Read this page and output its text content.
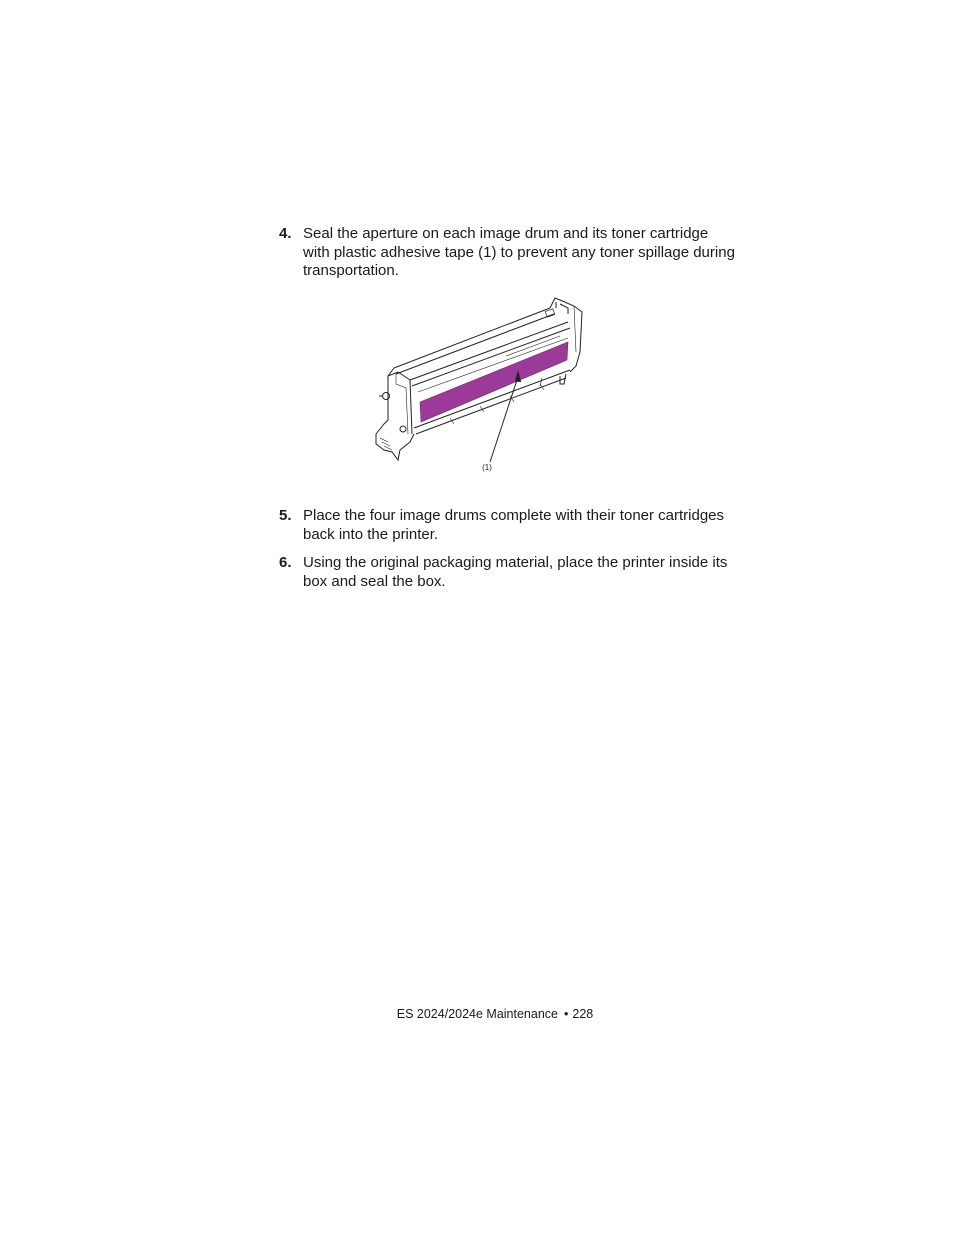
4. Seal the aperture on each image drum and its toner cartridge with plastic adhesive tape (1) to prevent any toner spillage during transportation.
(1)
5. Place the four image drums complete with their toner cartridges back into the printer.
6. Using the original packaging material, place the printer inside its box and seal the box.
ES 2024/2024e Maintenance • 228
